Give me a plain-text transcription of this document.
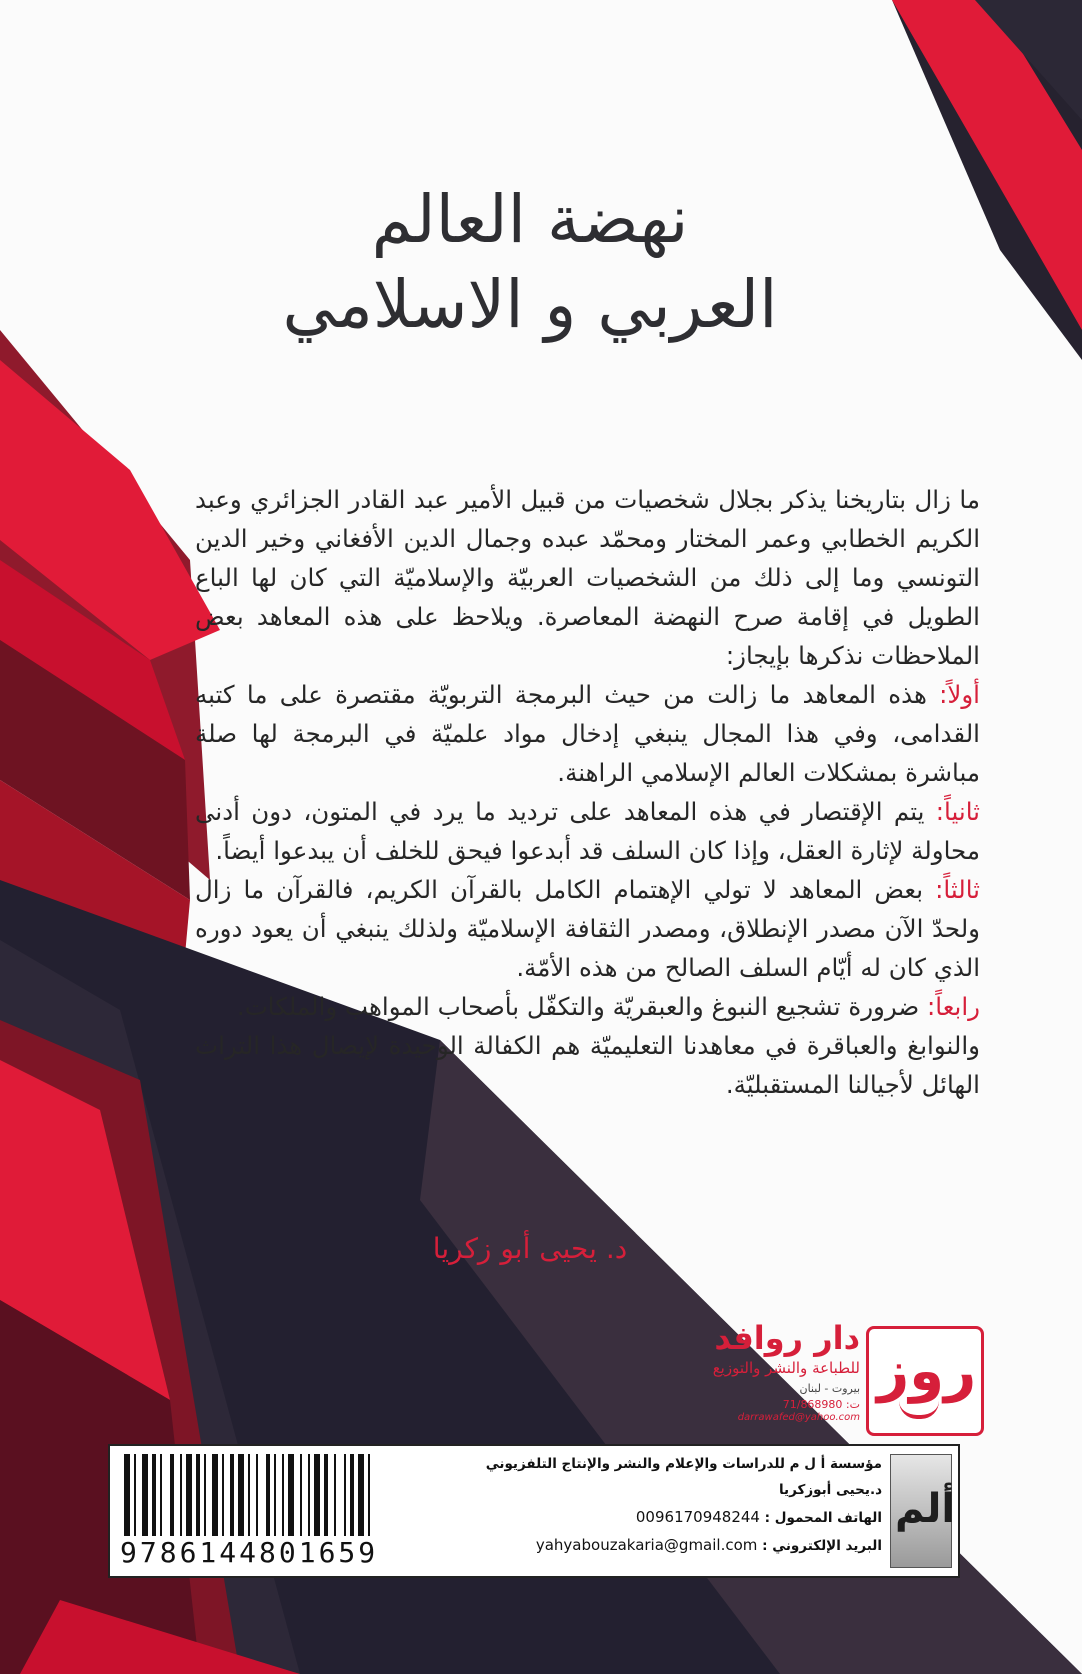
نهضة العالم
العربي و الاسلامي

ما زال بتاريخنا يذكر بجلال شخصيات من قبيل الأمير عبد القادر الجزائري وعبد الكريم الخطابي وعمر المختار ومحمّد عبده وجمال الدين الأفغاني وخير الدين التونسي وما إلى ذلك من الشخصيات العربيّة والإسلاميّة التي كان لها الباع الطويل في إقامة صرح النهضة المعاصرة. ويلاحظ على هذه المعاهد بعض الملاحظات نذكرها بإيجاز:

أولاً: هذه المعاهد ما زالت من حيث البرمجة التربويّة مقتصرة على ما كتبه القدامى، وفي هذا المجال ينبغي إدخال مواد علميّة في البرمجة لها صلة مباشرة بمشكلات العالم الإسلامي الراهنة.

ثانياً: يتم الإقتصار في هذه المعاهد على ترديد ما يرد في المتون، دون أدنى محاولة لإثارة العقل، وإذا كان السلف قد أبدعوا فيحق للخلف أن يبدعوا أيضاً.

ثالثاً: بعض المعاهد لا تولي الإهتمام الكامل بالقرآن الكريم، فالقرآن ما زال ولحدّ الآن مصدر الإنطلاق، ومصدر الثقافة الإسلاميّة ولذلك ينبغي أن يعود دوره الذي كان له أيّام السلف الصالح من هذه الأمّة.

رابعاً: ضرورة تشجيع النبوغ والعبقريّة والتكفّل بأصحاب المواهب والملكات.

والنوابغ والعباقرة في معاهدنا التعليميّة هم الكفالة الوحيدة لإيصال هذا التراث الهائل لأجيالنا المستقبليّة.

د. يحيى أبو زكريا
روز
دار روافد
للطباعة والنشر والتوزيع
بيروت - لبنان
ت: 71/868980
darrawafed@yahoo.com
9786144801659
مؤسسة أ ل م للدراسات والإعلام والنشر والإنتاج التلفزيوني
د.يحيى أبوزكريا
الهاتف المحمول : 0096170948244
البريد الإلكتروني : yahyabouzakaria@gmail.com
ألم
